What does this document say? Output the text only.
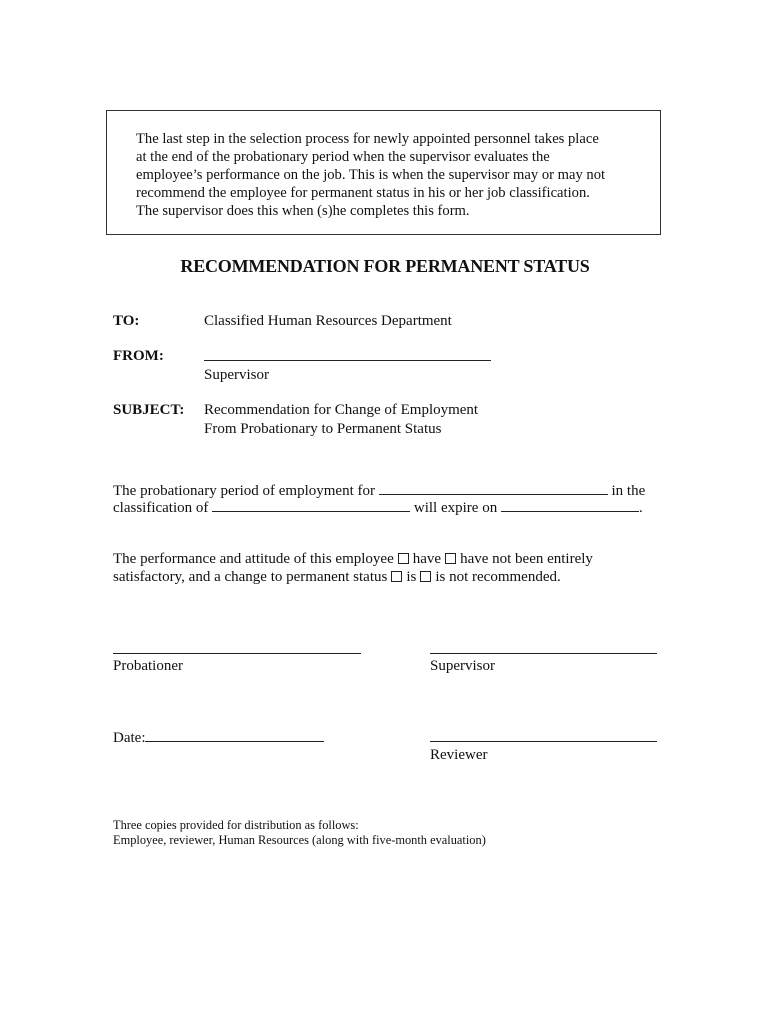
The last step in the selection process for newly appointed personnel takes place
at the end of the probationary period when the supervisor evaluates the
employee’s performance on the job. This is when the supervisor may or may not
recommend the employee for permanent status in his or her job classification.
The supervisor does this when (s)he completes this form.
RECOMMENDATION FOR PERMANENT STATUS
TO:	Classified Human Resources Department
FROM:
Supervisor
SUBJECT: Recommendation for Change of Employment
From Probationary to Permanent Status
The probationary period of employment for	in the
classification of	will expire on	.
The performance and attitude of this employee have have not been entirely
satisfactory, and a change to permanent status is is not recommended.
Probationer	Supervisor
Date:
Reviewer
Three copies provided for distribution as follows:
Employee, reviewer, Human Resources (along with five-month evaluation)
